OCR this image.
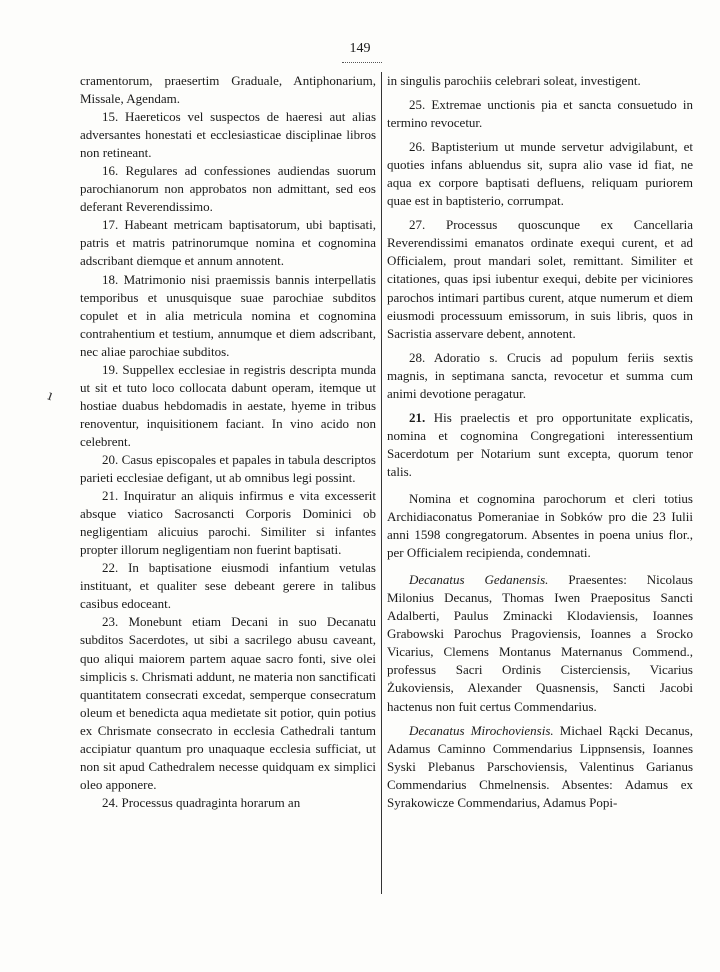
149
ı

cramentorum, praesertim Graduale, Antiphonarium, Missale, Agendam.

15. Haereticos vel suspectos de haeresi aut alias adversantes honestati et ecclesiasticae disciplinae libros non retineant.

16. Regulares ad confessiones audiendas suorum parochianorum non approbatos non admittant, sed eos deferant Reverendissimo.

17. Habeant metricam baptisatorum, ubi baptisati, patris et matris patrinorumque nomina et cognomina adscribant diemque et annum annotent.

18. Matrimonio nisi praemissis bannis interpellatis temporibus et unusquisque suae parochiae subditos copulet et in alia metricula nomina et cognomina contrahentium et testium, annumque et diem adscribant, nec aliae parochiae subditos.

19. Suppellex ecclesiae in registris descripta munda ut sit et tuto loco collocata dabunt operam, itemque ut hostiae duabus hebdomadis in aestate, hyeme in tribus renoventur, inquisitionem faciant. In vino acido non celebrent.

20. Casus episcopales et papales in tabula descriptos parieti ecclesiae defigant, ut ab omnibus legi possint.

21. Inquiratur an aliquis infirmus e vita excesserit absque viatico Sacrosancti Corporis Dominici ob negligentiam alicuius parochi. Similiter si infantes propter illorum negligentiam non fuerint baptisati.

22. In baptisatione eiusmodi infantium vetulas instituant, et qualiter sese debeant gerere in talibus casibus edoceant.

23. Monebunt etiam Decani in suo Decanatu subditos Sacerdotes, ut sibi a sacrilego abusu caveant, quo aliqui maiorem partem aquae sacro fonti, sive olei simplicis s. Chrismati addunt, ne materia non sanctificati quantitatem consecrati excedat, semperque consecratum oleum et benedicta aqua medietate sit potior, quin potius ex Chrismate consecrato in ecclesia Cathedrali tantum accipiatur quantum pro unaquaque ecclesia sufficiat, ut non sit apud Cathedralem necesse quidquam ex simplici oleo apponere.

24. Processus quadraginta horarum an

in singulis parochiis celebrari soleat, investigent.

25. Extremae unctionis pia et sancta consuetudo in termino revocetur.

26. Baptisterium ut munde servetur advigilabunt, et quoties infans abluendus sit, supra alio vase id fiat, ne aqua ex corpore baptisati defluens, reliquam puriorem quae est in baptisterio, corrumpat.

27. Processus quoscunque ex Cancellaria Reverendissimi emanatos ordinate exequi curent, et ad Officialem, prout mandari solet, remittant. Similiter et citationes, quas ipsi iubentur exequi, debite per viciniores parochos intimari partibus curent, atque numerum et diem eiusmodi processuum emissorum, in suis libris, quos in Sacristia asservare debent, annotent.

28. Adoratio s. Crucis ad populum feriis sextis magnis, in septimana sancta, revocetur et summa cum animi devotione peragatur.

21. His praelectis et pro opportunitate explicatis, nomina et cognomina Congregationi interessentium Sacerdotum per Notarium sunt excepta, quorum tenor talis.

Nomina et cognomina parochorum et cleri totius Archidiaconatus Pomeraniae in Sobków pro die 23 Iulii anni 1598 congregatorum. Absentes in poena unius flor., per Officialem recipienda, condemnati.

Decanatus Gedanensis. Praesentes: Nicolaus Milonius Decanus, Thomas Iwen Praepositus Sancti Adalberti, Paulus Zminacki Klodaviensis, Ioannes Grabowski Parochus Pragoviensis, Ioannes a Srocko Vicarius, Clemens Montanus Maternanus Commend., professus Sacri Ordinis Cisterciensis, Vicarius Żukoviensis, Alexander Quasnensis, Sancti Jacobi hactenus non fuit certus Commendarius.

Decanatus Mirochoviensis. Michael Rącki Decanus, Adamus Caminno Commendarius Lippnsensis, Ioannes Syski Plebanus Parschoviensis, Valentinus Garianus Commendarius Chmelnensis. Absentes: Adamus ex Syrakowicze Commendarius, Adamus Popi-
